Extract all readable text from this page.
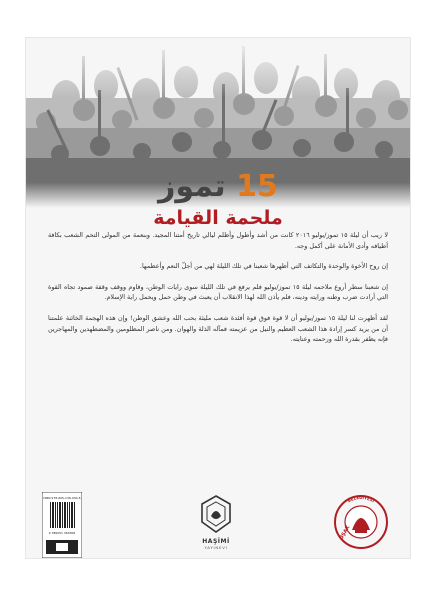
15 تموز
ملحمة القيامة

لا ريب أن ليلة ١٥ تموز/يوليو ٢٠١٦ كانت من أشد وأطول وأظلم ليالي تاريخ أمتنا المجيد. وبنعمة من المولى التحم الشعب بكافة أطيافه وأدى الأمانة على أكمل وجه.

إن روح الأخوة والوحدة والتكاتف التي أظهرها شعبنا في تلك الليلة لهي من أجلّ النعم وأعظمها.

إن شعبنا سطر أروع ملاحمه ليلة ١٥ تموز/يوليو فلم يرفع في تلك الليلة سوى رايات الوطن، وقاوم ووقف وقفة صمود تجاه القوة التي أرادت ضرب وطنه ورايته ودينه، فلم يأذن الله لهذا الانقلاب أن يعبث في وطن حمل ويحمل راية الإسلام.

لقد أظهرت لنا ليلة ١٥ تموز/يوليو أن لا قوة فوق قوة أفئدة شعب مليئة بحب الله وعشق الوطن! وإن هذه الهجمة الخائنة علمتنا أن من يريد كسر إرادة هذا الشعب العظيم والنيل من عزيمته فمآله الذلة والهوان. ومن ناصر المظلومين والمضطهدين والمهاجرين فإنه يظفر بقدرة الله ورحمته وعنايته.

ISBN 978-605-136-030-6
9 786051 360306
HAŞİMİ
YAYINEVİ
BELEDİYESİ
UŞAK
